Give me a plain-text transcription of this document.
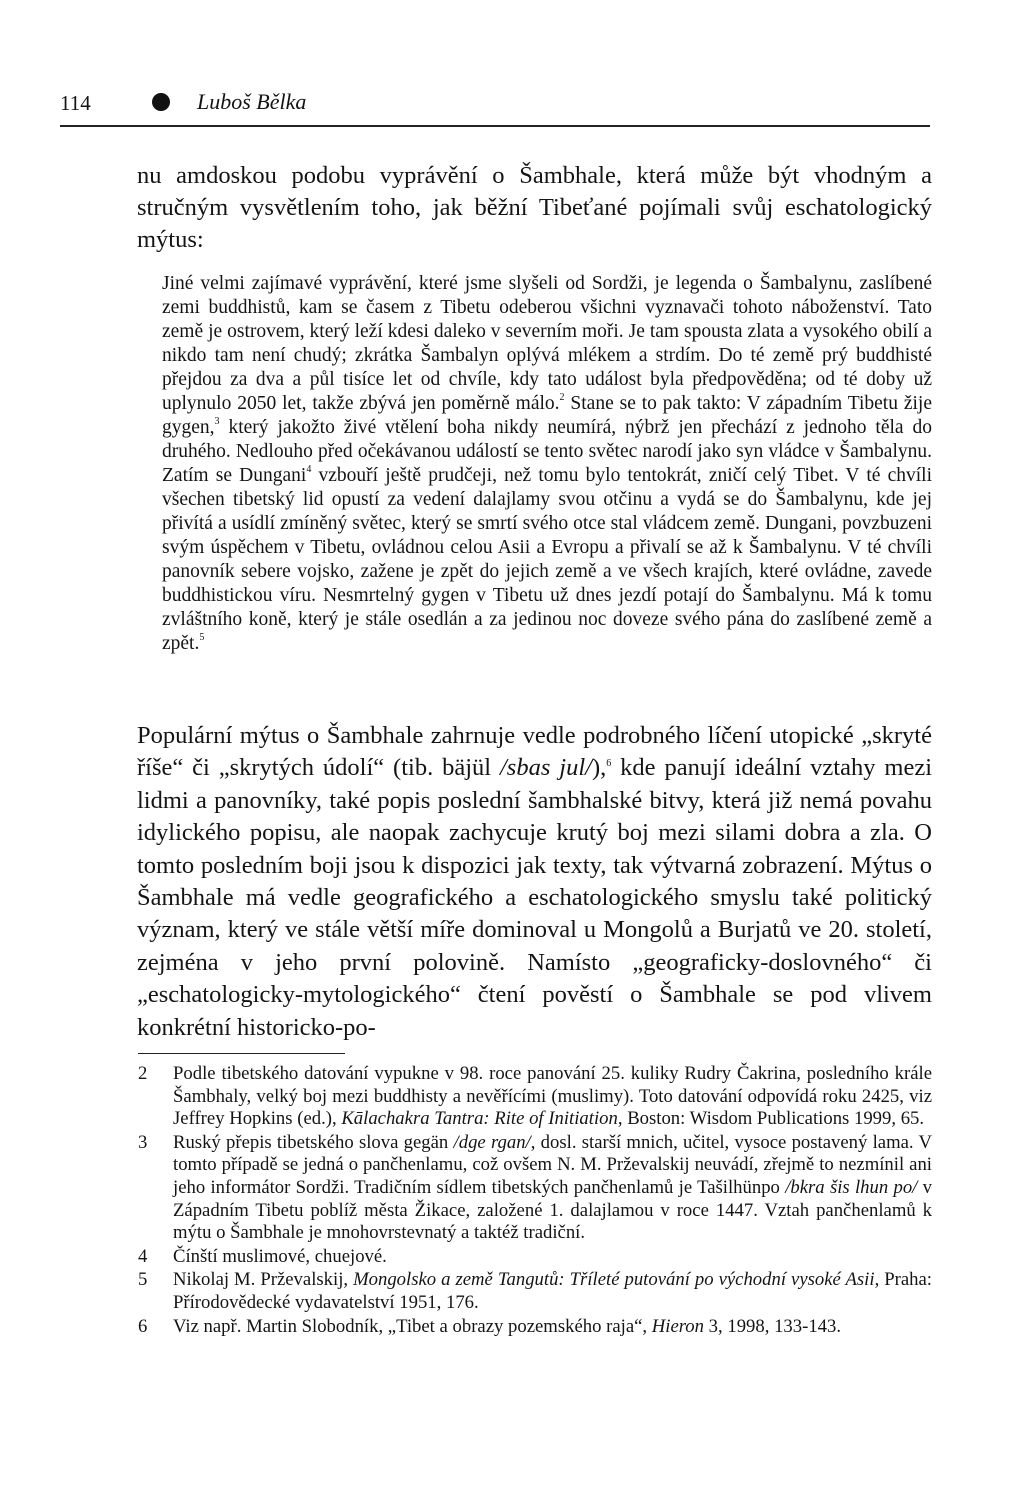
114	Luboš Bělka

nu amdoskou podobu vyprávění o Šambhale, která může být vhodným a stručným vysvětlením toho, jak běžní Tibeťané pojímali svůj eschatologický mýtus:

Jiné velmi zajímavé vyprávění, které jsme slyšeli od Sordži, je legenda o Šambalynu, zaslíbené zemi buddhistů, kam se časem z Tibetu odeberou všichni vyznavači tohoto náboženství. Tato země je ostrovem, který leží kdesi daleko v severním moři. Je tam spousta zlata a vysokého obilí a nikdo tam není chudý; zkrátka Šambalyn oplývá mlékem a strdím. Do té země prý buddhisté přejdou za dva a půl tisíce let od chvíle, kdy tato událost byla předpověděna; od té doby už uplynulo 2050 let, takže zbývá jen poměrně málo.$^2$ Stane se to pak takto: V západním Tibetu žije gygen,$^3$ který jakožto živé vtělení boha nikdy neumírá, nýbrž jen přechází z jednoho těla do druhého. Nedlouho před očekávanou událostí se tento světec narodí jako syn vládce v Šambalynu. Zatím se Dungani$^4$ vzbouří ještě prudčeji, než tomu bylo tentokrát, zničí celý Tibet. V té chvíli všechen tibetský lid opustí za vedení dalajlamy svou otčinu a vydá se do Šambalynu, kde jej přivítá a usídlí zmíněný světec, který se smrtí svého otce stal vládcem země. Dungani, povzbuzeni svým úspěchem v Tibetu, ovládnou celou Asii a Evropu a přivalí se až k Šambalynu. V té chvíli panovník sebere vojsko, zažene je zpět do jejich země a ve všech krajích, které ovládne, zavede buddhistickou víru. Nesmrtelný gygen v Tibetu už dnes jezdí potají do Šambalynu. Má k tomu zvláštního koně, který je stále osedlán a za jedinou noc doveze svého pána do zaslíbené země a zpět.$^5$

Populární mýtus o Šambhale zahrnuje vedle podrobného líčení utopické „skryté říše“ či „skrytých údolí“ (tib. bäjül /sbas jul/),$^6$ kde panují ideální vztahy mezi lidmi a panovníky, také popis poslední šambhalské bitvy, která již nemá povahu idylického popisu, ale naopak zachycuje krutý boj mezi silami dobra a zla. O tomto posledním boji jsou k dispozici jak texty, tak výtvarná zobrazení. Mýtus o Šambhale má vedle geografického a eschatologického smyslu také politický význam, který ve stále větší míře dominoval u Mongolů a Burjatů ve 20. století, zejména v jeho první polovině. Namísto „geograficky-doslovného“ či „eschatologicky-mytologického“ čtení pověstí o Šambhale se pod vlivem konkrétní historicko-po-

2 Podle tibetského datování vypukne v 98. roce panování 25. kuliky Rudry Čakrina, posledního krále Šambhaly, velký boj mezi buddhisty a nevěřícími (muslimy). Toto datování odpovídá roku 2425, viz Jeffrey Hopkins (ed.), Kālachakra Tantra: Rite of Initiation, Boston: Wisdom Publications 1999, 65.
3 Ruský přepis tibetského slova gegän /dge rgan/, dosl. starší mnich, učitel, vysoce postavený lama. V tomto případě se jedná o pančhenlamu, což ovšem N. M. Prževalskij neuvádí, zřejmě to nezmínil ani jeho informátor Sordži. Tradičním sídlem tibetských pančhenlamů je Tašilhünpo /bkra šis lhun po/ v Západním Tibetu poblíž města Žikace, založené 1. dalajlamou v roce 1447. Vztah pančhenlamů k mýtu o Šambhale je mnohovrstevnatý a taktéž tradiční.
4 Čínští muslimové, chuejové.
5 Nikolaj M. Prževalskij, Mongolsko a země Tangutů: Tříleté putování po východní vysoké Asii, Praha: Přírodovědecké vydavatelství 1951, 176.
6 Viz např. Martin Slobodník, „Tibet a obrazy pozemského raja“, Hieron 3, 1998, 133-143.
